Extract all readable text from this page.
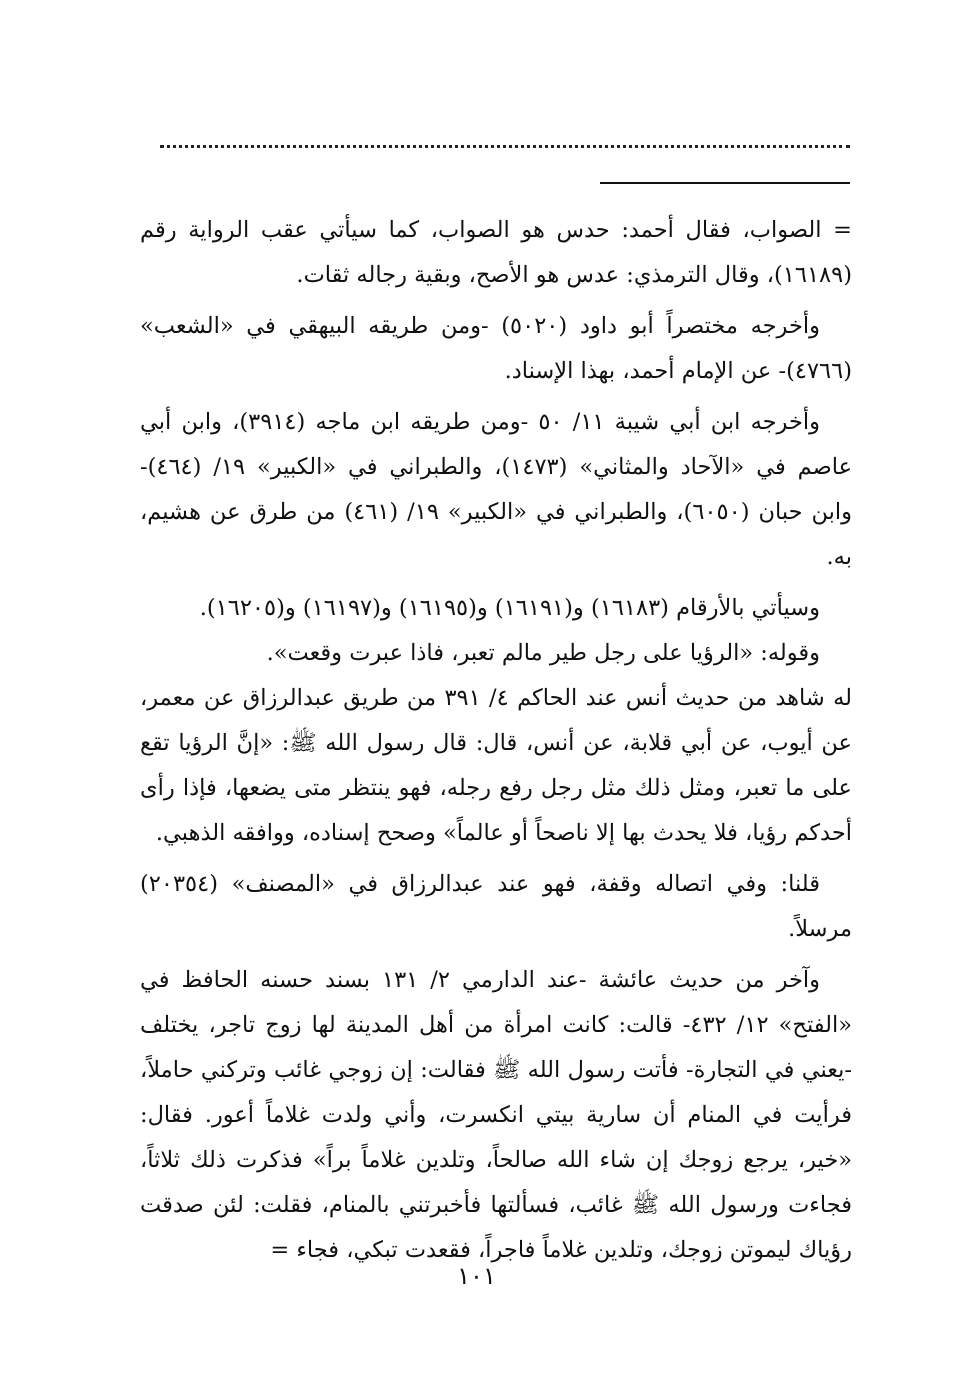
= الصواب، فقال أحمد: حدس هو الصواب، كما سيأتي عقب الرواية رقم (١٦١٨٩)، وقال الترمذي: عدس هو الأصح، وبقية رجاله ثقات.

وأخرجه مختصراً أبو داود (٥٠٢٠) -ومن طريقه البيهقي في «الشعب» (٤٧٦٦)- عن الإمام أحمد، بهذا الإسناد.

وأخرجه ابن أبي شيبة ١١/ ٥٠ -ومن طريقه ابن ماجه (٣٩١٤)، وابن أبي عاصم في «الآحاد والمثاني» (١٤٧٣)، والطبراني في «الكبير» ١٩/ (٤٦٤)- وابن حبان (٦٠٥٠)، والطبراني في «الكبير» ١٩/ (٤٦١) من طرق عن هشيم، به.

وسيأتي بالأرقام (١٦١٨٣) و(١٦١٩١) و(١٦١٩٥) و(١٦١٩٧) و(١٦٢٠٥).

وقوله: «الرؤيا على رجل طير مالم تعبر، فاذا عبرت وقعت».

له شاهد من حديث أنس عند الحاكم ٤/ ٣٩١ من طريق عبدالرزاق عن معمر، عن أيوب، عن أبي قلابة، عن أنس، قال: قال رسول الله ﷺ: «إنَّ الرؤيا تقع على ما تعبر، ومثل ذلك مثل رجل رفع رجله، فهو ينتظر متى يضعها، فإذا رأى أحدكم رؤيا، فلا يحدث بها إلا ناصحاً أو عالماً» وصحح إسناده، ووافقه الذهبي.

قلنا: وفي اتصاله وقفة، فهو عند عبدالرزاق في «المصنف» (٢٠٣٥٤) مرسلاً.

وآخر من حديث عائشة -عند الدارمي ٢/ ١٣١ بسند حسنه الحافظ في «الفتح» ١٢/ ٤٣٢- قالت: كانت امرأة من أهل المدينة لها زوج تاجر، يختلف -يعني في التجارة- فأتت رسول الله ﷺ فقالت: إن زوجي غائب وتركني حاملاً، فرأيت في المنام أن سارية بيتي انكسرت، وأني ولدت غلاماً أعور. فقال: «خير، يرجع زوجك إن شاء الله صالحاً، وتلدين غلاماً براً» فذكرت ذلك ثلاثاً، فجاءت ورسول الله ﷺ غائب، فسألتها فأخبرتني بالمنام، فقلت: لئن صدقت رؤياك ليموتن زوجك، وتلدين غلاماً فاجراً، فقعدت تبكي، فجاء =

١٠١
